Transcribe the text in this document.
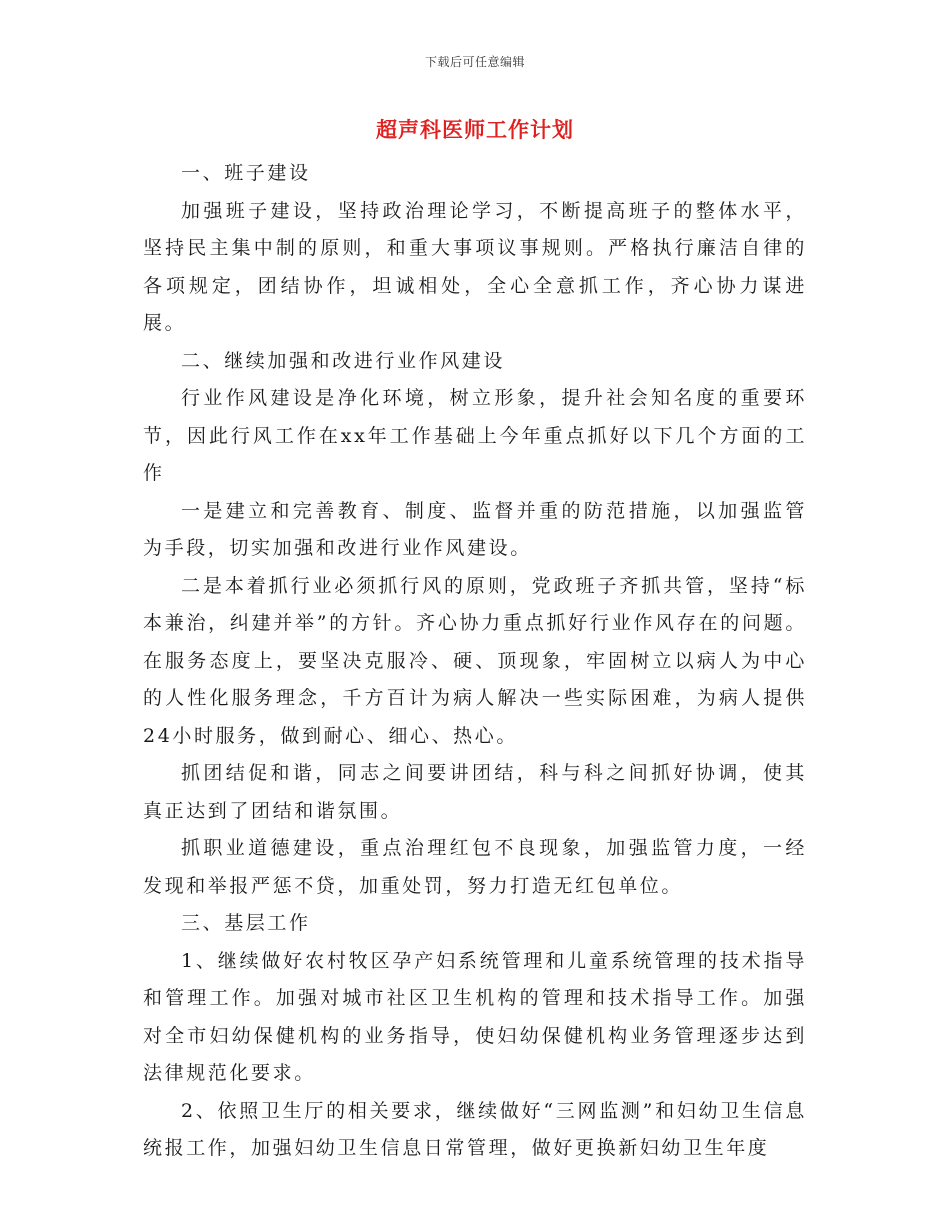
下载后可任意编辑
超声科医师工作计划

一、班子建设

加强班子建设，坚持政治理论学习，不断提高班子的整体水平，坚持民主集中制的原则，和重大事项议事规则。严格执行廉洁自律的各项规定，团结协作，坦诚相处，全心全意抓工作，齐心协力谋进展。

二、继续加强和改进行业作风建设

行业作风建设是净化环境，树立形象，提升社会知名度的重要环节，因此行风工作在xx年工作基础上今年重点抓好以下几个方面的工作

一是建立和完善教育、制度、监督并重的防范措施，以加强监管为手段，切实加强和改进行业作风建设。

二是本着抓行业必须抓行风的原则，党政班子齐抓共管，坚持“标本兼治，纠建并举”的方针。齐心协力重点抓好行业作风存在的问题。在服务态度上，要坚决克服冷、硬、顶现象，牢固树立以病人为中心的人性化服务理念，千方百计为病人解决一些实际困难，为病人提供24小时服务，做到耐心、细心、热心。

抓团结促和谐，同志之间要讲团结，科与科之间抓好协调，使其真正达到了团结和谐氛围。

抓职业道德建设，重点治理红包不良现象，加强监管力度，一经发现和举报严惩不贷，加重处罚，努力打造无红包单位。

三、基层工作

1、继续做好农村牧区孕产妇系统管理和儿童系统管理的技术指导和管理工作。加强对城市社区卫生机构的管理和技术指导工作。加强对全市妇幼保健机构的业务指导，使妇幼保健机构业务管理逐步达到法律规范化要求。

2、依照卫生厅的相关要求，继续做好“三网监测”和妇幼卫生信息统报工作，加强妇幼卫生信息日常管理，做好更换新妇幼卫生年度
